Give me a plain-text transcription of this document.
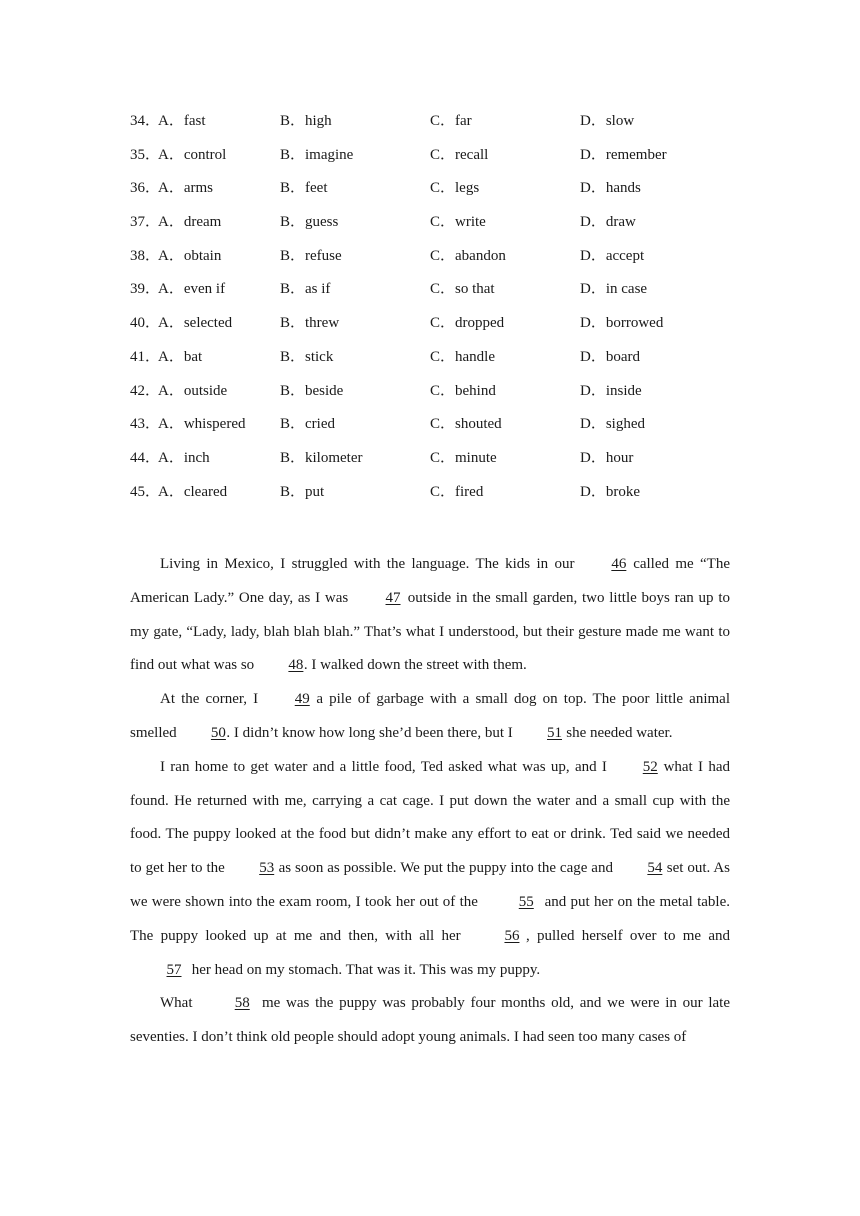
34．
A．fast	B．high	C．far	D．slow
35．
A．control	B．imagine	C．recall	D．remember
36．
A．arms	B．feet	C．legs	D．hands
37．
A．dream	B．guess	C．write	D．draw
38．
A．obtain	B．refuse	C．abandon	D．accept
39．
A．even if	B．as if	C．so that	D．in case
40．
A．selected	B．threw	C．dropped	D．borrowed
41．
A．bat	B．stick	C．handle	D．board
42．
A．outside	B．beside	C．behind	D．inside
43．
A．whispered B．cried	C．shouted	D．sighed
44．
A．inch	B．kilometer	C．minute	D．hour
45．
A．cleared	B．put	C．fired	D．broke

Living in Mexico, I struggled with the language. The kids in our 46 called me “The American Lady.” One day, as I was 47 outside in the small garden, two little boys ran up to my gate, “Lady, lady, blah blah blah.” That’s what I understood, but their gesture made me want to find out what was so 48. I walked down the street with them.

At the corner, I 49 a pile of garbage with a small dog on top. The poor little animal smelled 50. I didn’t know how long she’d been there, but I 51 she needed water.

I ran home to get water and a little food, Ted asked what was up, and I 52 what I had found. He returned with me, carrying a cat cage. I put down the water and a small cup with the food. The puppy looked at the food but didn’t make any effort to eat or drink. Ted said we needed to get her to the 53 as soon as possible. We put the puppy into the cage and 54 set out. As we were shown into the exam room, I took her out of the 55 and put her on the metal table. The puppy looked up at me and then, with all her 56 , pulled herself over to me and 57 her head on my stomach. That was it. This was my puppy.

What 58 me was the puppy was probably four months old, and we were in our late seventies. I don’t think old people should adopt young animals. I had seen too many cases of
